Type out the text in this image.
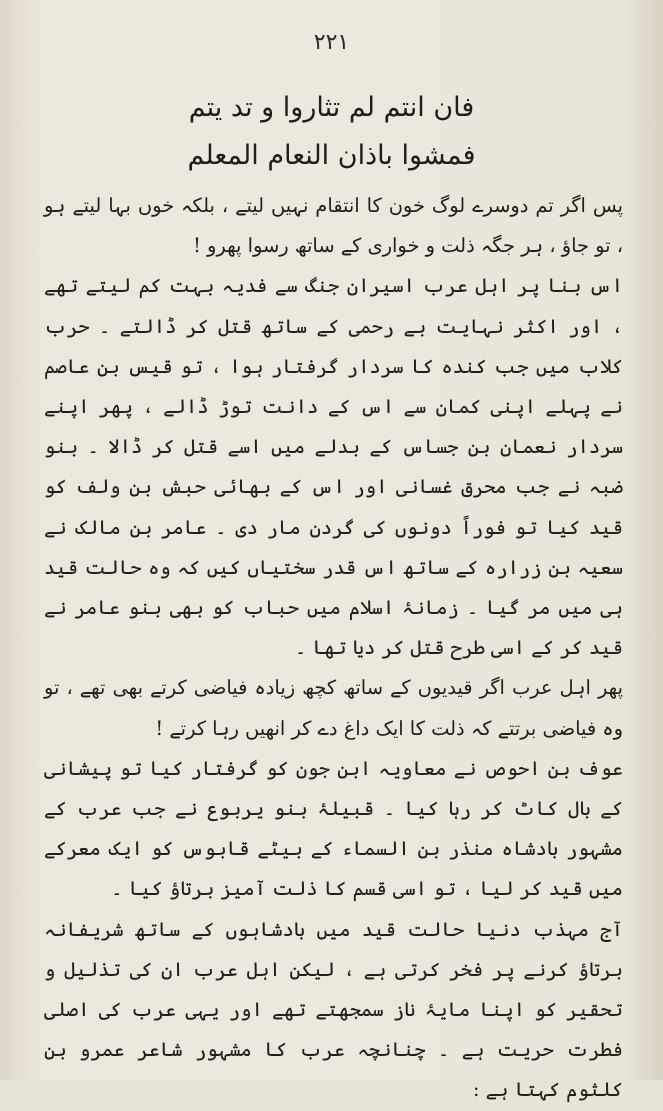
۲۲۱
فان انتم لم تثاروا و تد یتم
فمشوا باذان النعام المعلم

پس اگر تم دوسرے لوگ خون کا انتقام نہیں لیتے ، بلکہ خوں بہا لیتے ہو ، تو جاؤ ، ہر جگہ ذلت و خواری کے ساتھ رسوا پھرو !

اس بنا پر اہل عرب اسیران جنگ سے فدیہ بہت کم لیتے تھے ، اور اکثر نہایت بے رحمی کے ساتھ قتل کر ڈالتے ۔ حرب کلاب میں جب کندہ کا سردار گرفتار ہوا ، تو قیس بن عاصم نے پہلے اپنی کمان سے اس کے دانت توڑ ڈالے ، پھر اپنے سردار نعمان بن جساس کے بدلے میں اسے قتل کر ڈالا ۔ بنو ضبہ نے جب محرق غسانی اور اس کے بھائی حبش بن ولف کو قید کیا تو فوراً دونوں کی گردن مار دی ۔ عامر بن مالک نے سعیہ بن زرارہ کے ساتھ اس قدر سختیاں کیں کہ وہ حالت قید ہی میں مر گیا ۔ زمانۂ اسلام میں حباب کو بھی بنو عامر نے قید کر کے اسی طرح قتل کر دیا تھا ۔

پھر اہل عرب اگر قیدیوں کے ساتھ کچھ زیادہ فیاضی کرتے بھی تھے ، تو وہ فیاضی برتتے کہ ذلت کا ایک داغ دے کر انھیں رہا کرتے !

عوف بن احوص نے معاویہ ابن جون کو گرفتار کیا تو پیشانی کے بال کاٹ کر رہا کیا ۔ قبیلۂ بنو یربوع نے جب عرب کے مشہور بادشاہ منذر بن السماء کے بیٹے قابوس کو ایک معرکے میں قید کر لیا ، تو اسی قسم کا ذلت آمیز برتاؤ کیا ۔

آج مہذب دنیا حالت قید میں بادشاہوں کے ساتھ شریفانہ برتاؤ کرنے پر فخر کرتی ہے ، لیکن اہل عرب ان کی تذلیل و تحقیر کو اپنا مایۂ ناز سمجھتے تھے اور یہی عرب کی اصلی فطرت حریت ہے ۔ چنانچہ عرب کا مشہور شاعر عمرو بن کلثوم کہتا ہے :
